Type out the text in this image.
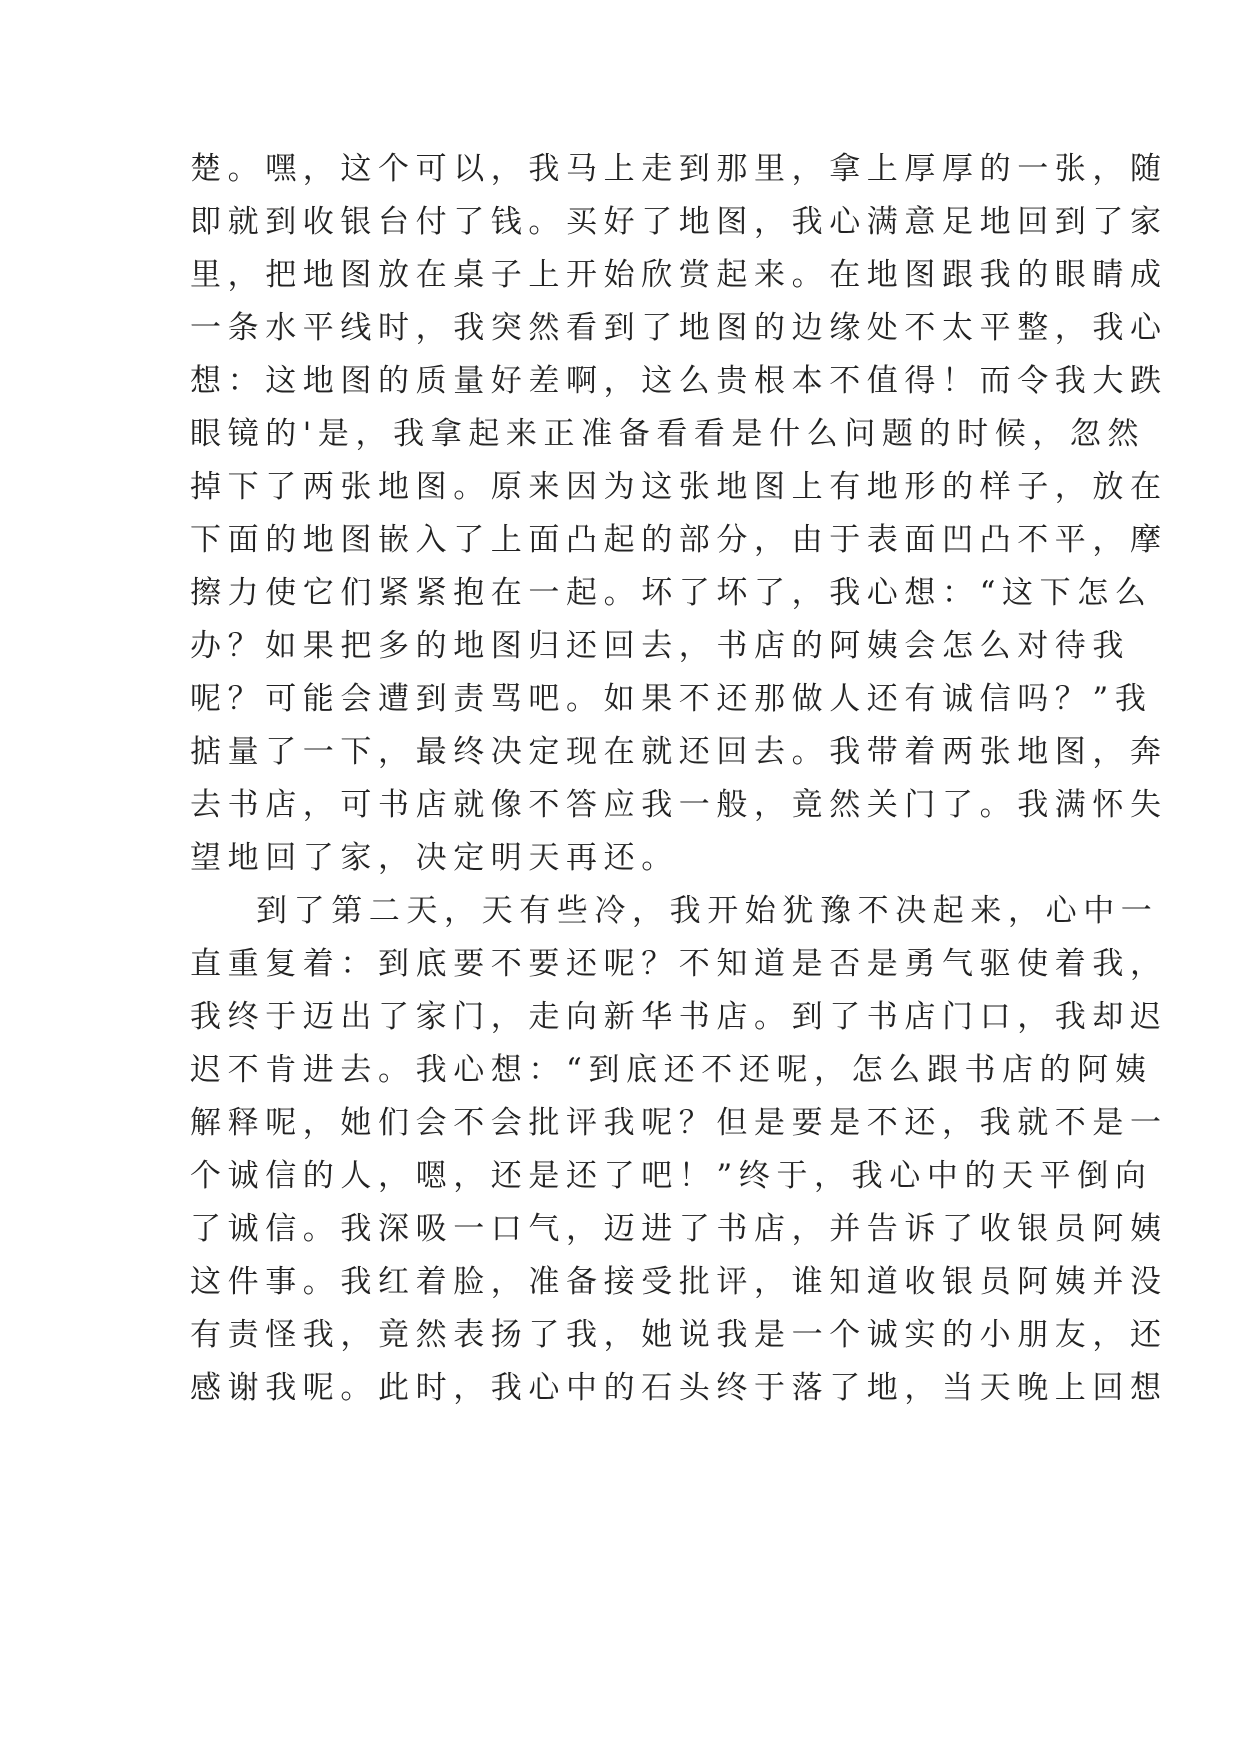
楚。嘿，这个可以，我马上走到那里，拿上厚厚的一张，随
即就到收银台付了钱。买好了地图，我心满意足地回到了家
里，把地图放在桌子上开始欣赏起来。在地图跟我的眼睛成
一条水平线时，我突然看到了地图的边缘处不太平整，我心
想：这地图的质量好差啊，这么贵根本不值得！而令我大跌
眼镜的'是，我拿起来正准备看看是什么问题的时候，忽然
掉下了两张地图。原来因为这张地图上有地形的样子，放在
下面的地图嵌入了上面凸起的部分，由于表面凹凸不平，摩
擦力使它们紧紧抱在一起。坏了坏了，我心想：“这下怎么
办？如果把多的地图归还回去，书店的阿姨会怎么对待我
呢？可能会遭到责骂吧。如果不还那做人还有诚信吗？”我
掂量了一下，最终决定现在就还回去。我带着两张地图，奔
去书店，可书店就像不答应我一般，竟然关门了。我满怀失
望地回了家，决定明天再还。
到了第二天，天有些冷，我开始犹豫不决起来，心中一
直重复着：到底要不要还呢？不知道是否是勇气驱使着我，
我终于迈出了家门，走向新华书店。到了书店门口，我却迟
迟不肯进去。我心想：“到底还不还呢，怎么跟书店的阿姨
解释呢，她们会不会批评我呢？但是要是不还，我就不是一
个诚信的人，嗯，还是还了吧！”终于，我心中的天平倒向
了诚信。我深吸一口气，迈进了书店，并告诉了收银员阿姨
这件事。我红着脸，准备接受批评，谁知道收银员阿姨并没
有责怪我，竟然表扬了我，她说我是一个诚实的小朋友，还
感谢我呢。此时，我心中的石头终于落了地，当天晚上回想
